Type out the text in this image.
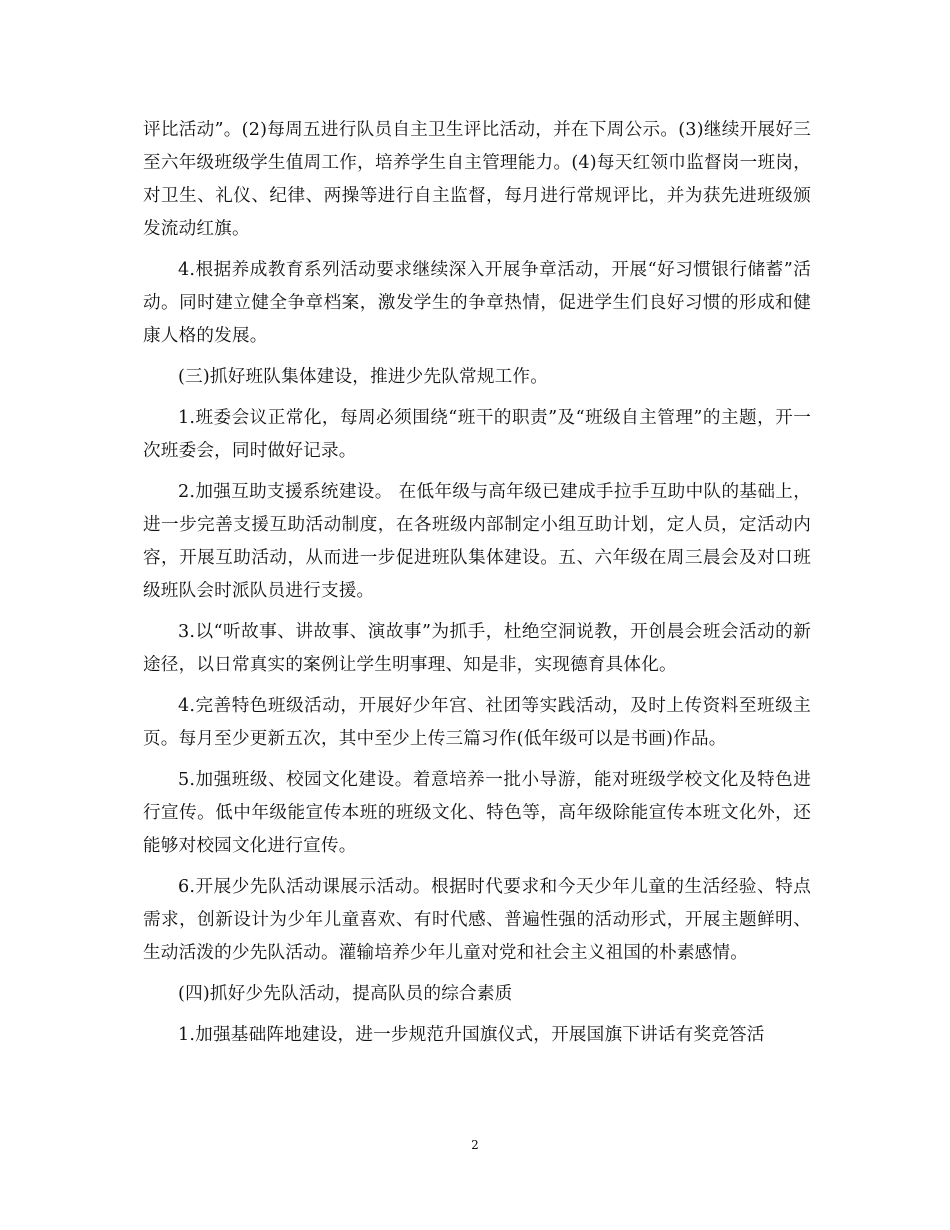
评比活动”。(2)每周五进行队员自主卫生评比活动，并在下周公示。(3)继续开展好三至六年级班级学生值周工作，培养学生自主管理能力。(4)每天红领巾监督岗一班岗，对卫生、礼仪、纪律、两操等进行自主监督，每月进行常规评比，并为获先进班级颁发流动红旗。

4.根据养成教育系列活动要求继续深入开展争章活动，开展“好习惯银行储蓄”活动。同时建立健全争章档案，激发学生的争章热情，促进学生们良好习惯的形成和健康人格的发展。

(三)抓好班队集体建设，推进少先队常规工作。

1.班委会议正常化，每周必须围绕“班干的职责”及“班级自主管理”的主题，开一次班委会，同时做好记录。

2.加强互助支援系统建设。 在低年级与高年级已建成手拉手互助中队的基础上，进一步完善支援互助活动制度，在各班级内部制定小组互助计划，定人员，定活动内容，开展互助活动，从而进一步促进班队集体建设。五、六年级在周三晨会及对口班级班队会时派队员进行支援。

3.以“听故事、讲故事、演故事”为抓手，杜绝空洞说教，开创晨会班会活动的新途径，以日常真实的案例让学生明事理、知是非，实现德育具体化。

4.完善特色班级活动，开展好少年宫、社团等实践活动，及时上传资料至班级主页。每月至少更新五次，其中至少上传三篇习作(低年级可以是书画)作品。

5.加强班级、校园文化建设。着意培养一批小导游，能对班级学校文化及特色进行宣传。低中年级能宣传本班的班级文化、特色等，高年级除能宣传本班文化外，还能够对校园文化进行宣传。

6.开展少先队活动课展示活动。根据时代要求和今天少年儿童的生活经验、特点需求，创新设计为少年儿童喜欢、有时代感、普遍性强的活动形式，开展主题鲜明、生动活泼的少先队活动。灌输培养少年儿童对党和社会主义祖国的朴素感情。

(四)抓好少先队活动，提高队员的综合素质

1.加强基础阵地建设，进一步规范升国旗仪式，开展国旗下讲话有奖竞答活

2
